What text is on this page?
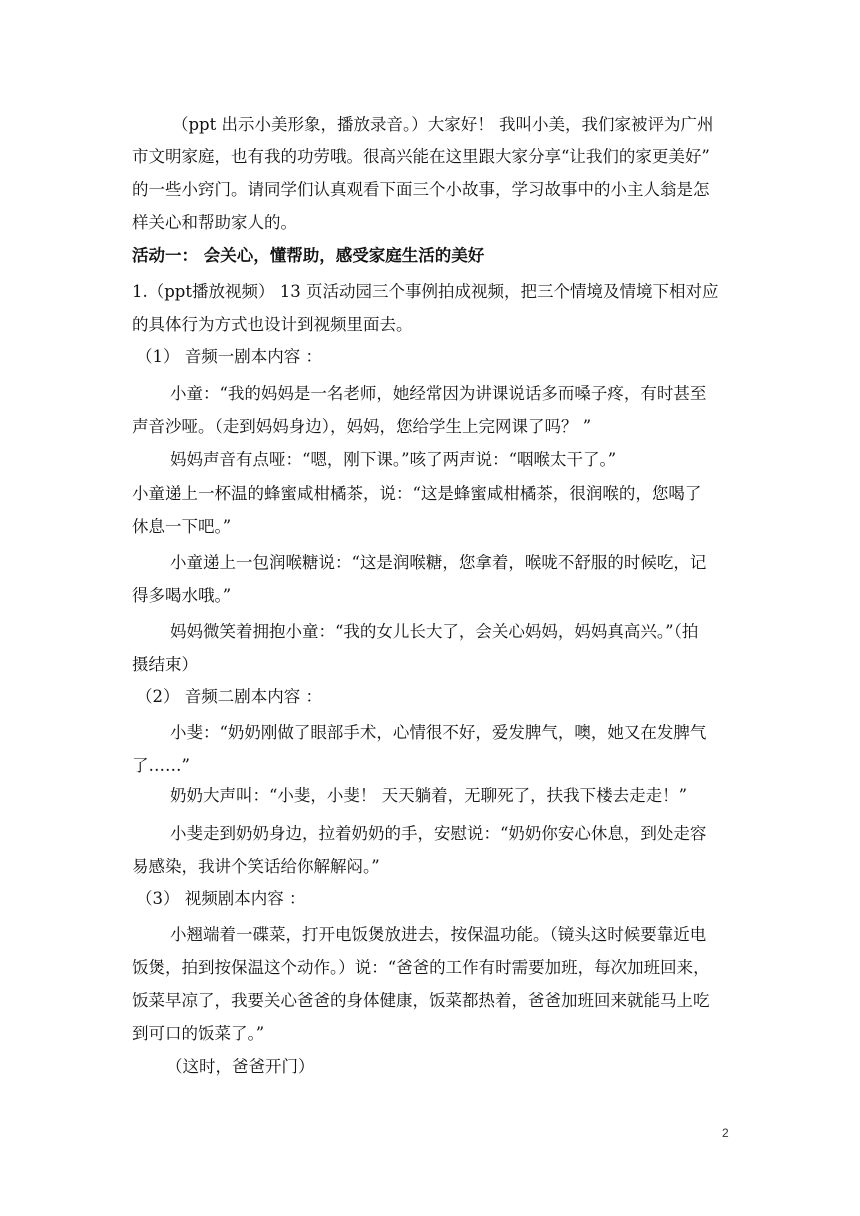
（ppt 出示小美形象，播放录音。）大家好！ 我叫小美，我们家被评为广州
市文明家庭，也有我的功劳哦。很高兴能在这里跟大家分享“让我们的家更美好”
的一些小窍门。请同学们认真观看下面三个小故事，学习故事中的小主人翁是怎
样关心和帮助家人的。
活动一： 会关心，懂帮助，感受家庭生活的美好
1.（ppt播放视频） 13 页活动园三个事例拍成视频，把三个情境及情境下相对应
的具体行为方式也设计到视频里面去。
（1） 音频一剧本内容 ：
小童：“我的妈妈是一名老师，她经常因为讲课说话多而嗓子疼，有时甚至
声音沙哑。（走到妈妈身边），妈妈，您给学生上完网课了吗？ ”
妈妈声音有点哑：“嗯，刚下课。”咳了两声说：“咽喉太干了。”
小童递上一杯温的蜂蜜咸柑橘茶，说：“这是蜂蜜咸柑橘茶，很润喉的，您喝了
休息一下吧。”
小童递上一包润喉糖说：“这是润喉糖，您拿着，喉咙不舒服的时候吃，记
得多喝水哦。”
妈妈微笑着拥抱小童：“我的女儿长大了，会关心妈妈，妈妈真高兴。”（拍
摄结束）
（2） 音频二剧本内容 ：
小斐：“奶奶刚做了眼部手术，心情很不好，爱发脾气，噢，她又在发脾气
了……”
奶奶大声叫：“小斐，小斐！ 天天躺着，无聊死了，扶我下楼去走走！”
小斐走到奶奶身边，拉着奶奶的手，安慰说：“奶奶你安心休息，到处走容
易感染，我讲个笑话给你解解闷。”
（3） 视频剧本内容 ：
小翘端着一碟菜，打开电饭煲放进去，按保温功能。（镜头这时候要靠近电
饭煲，拍到按保温这个动作。）说：“爸爸的工作有时需要加班，每次加班回来，
饭菜早凉了，我要关心爸爸的身体健康，饭菜都热着，爸爸加班回来就能马上吃
到可口的饭菜了。”
（这时，爸爸开门）
2
